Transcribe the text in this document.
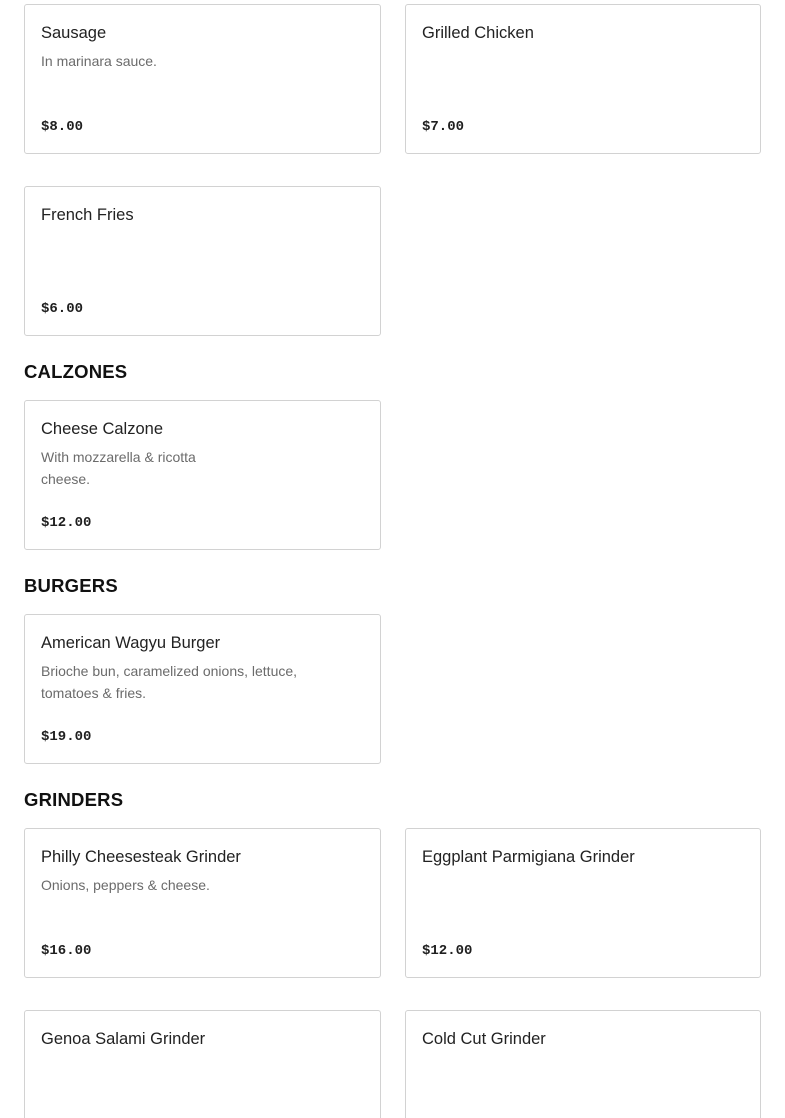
Sausage
In marinara sauce.
$8.00
Grilled Chicken
$7.00
French Fries
$6.00
CALZONES
Cheese Calzone
With mozzarella & ricotta cheese.
$12.00
BURGERS
American Wagyu Burger
Brioche bun, caramelized onions, lettuce, tomatoes & fries.
$19.00
GRINDERS
Philly Cheesesteak Grinder
Onions, peppers & cheese.
$16.00
Eggplant Parmigiana Grinder
$12.00
Genoa Salami Grinder	Cold Cut Grinder
